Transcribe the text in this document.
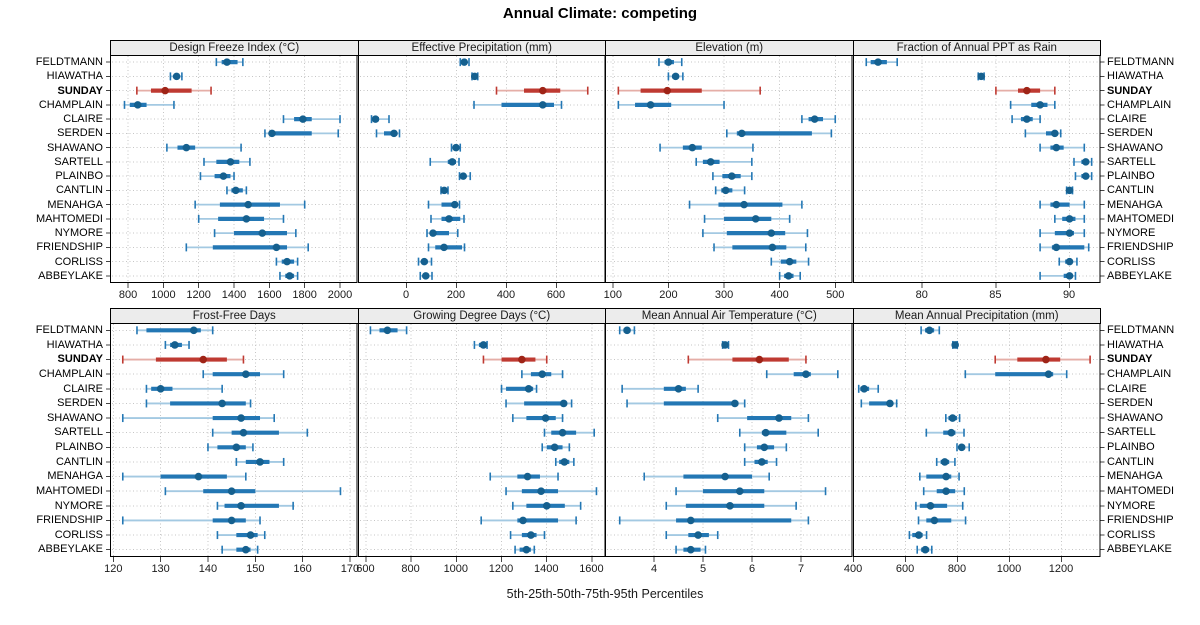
Annual Climate: competing
Design Freeze Index (°C)
800	1000 1200 1400 1600 1800 2000
Effective Precipitation (mm)
0	200	400	600
Elevation (m)
100	200	300	400	500
Fraction of Annual PPT as Rain
80	85	90
Frost-Free Days
120	130	140	150	160	170
Growing Degree Days (°C)
600	800	1000	1200	1400	1600
Mean Annual Air Temperature (°C)
4	5	6	7
Mean Annual Precipitation (mm)
400	600	800	1000	1200
FELDTMANN	FELDTMANN
HIAWATHA	HIAWATHA
SUNDAY	SUNDAY
CHAMPLAIN	CHAMPLAIN
CLAIRE	CLAIRE
SERDEN	SERDEN
SHAWANO	SHAWANO
SARTELL	SARTELL
PLAINBO	PLAINBO
CANTLIN	CANTLIN
MENAHGA	MENAHGA
MAHTOMEDI	MAHTOMEDI
NYMORE	NYMORE
FRIENDSHIP	FRIENDSHIP
CORLISS	CORLISS
ABBEYLAKE	ABBEYLAKE
FELDTMANN	FELDTMANN
HIAWATHA	HIAWATHA
SUNDAY	SUNDAY
CHAMPLAIN	CHAMPLAIN
CLAIRE	CLAIRE
SERDEN	SERDEN
SHAWANO	SHAWANO
SARTELL	SARTELL
PLAINBO	PLAINBO
CANTLIN	CANTLIN
MENAHGA	MENAHGA
MAHTOMEDI	MAHTOMEDI
NYMORE	NYMORE
FRIENDSHIP	FRIENDSHIP
CORLISS	CORLISS
ABBEYLAKE	ABBEYLAKE
5th-25th-50th-75th-95th Percentiles
